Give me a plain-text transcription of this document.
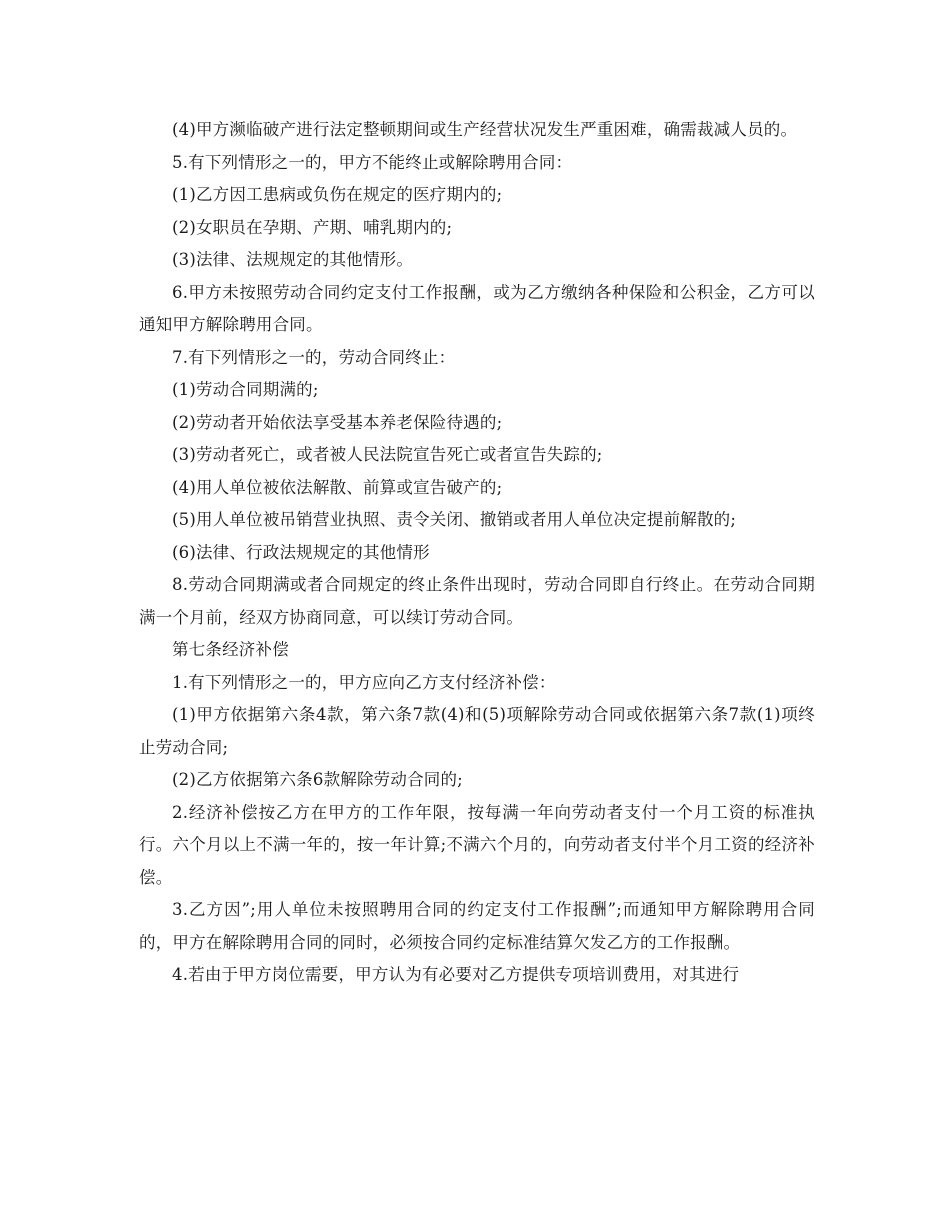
(4)甲方濒临破产进行法定整顿期间或生产经营状况发生严重困难，确需裁减人员的。

5.有下列情形之一的，甲方不能终止或解除聘用合同：

(1)乙方因工患病或负伤在规定的医疗期内的;

(2)女职员在孕期、产期、哺乳期内的;

(3)法律、法规规定的其他情形。

6.甲方未按照劳动合同约定支付工作报酬，或为乙方缴纳各种保险和公积金，乙方可以通知甲方解除聘用合同。

7.有下列情形之一的，劳动合同终止：

(1)劳动合同期满的;

(2)劳动者开始依法享受基本养老保险待遇的;

(3)劳动者死亡，或者被人民法院宣告死亡或者宣告失踪的;

(4)用人单位被依法解散、前算或宣告破产的;

(5)用人单位被吊销营业执照、责令关闭、撤销或者用人单位决定提前解散的;

(6)法律、行政法规规定的其他情形

8.劳动合同期满或者合同规定的终止条件出现时，劳动合同即自行终止。在劳动合同期满一个月前，经双方协商同意，可以续订劳动合同。

第七条经济补偿

1.有下列情形之一的，甲方应向乙方支付经济补偿：

(1)甲方依据第六条4款，第六条7款(4)和(5)项解除劳动合同或依据第六条7款(1)项终止劳动合同;

(2)乙方依据第六条6款解除劳动合同的;

2.经济补偿按乙方在甲方的工作年限，按每满一年向劳动者支付一个月工资的标准执行。六个月以上不满一年的，按一年计算;不满六个月的，向劳动者支付半个月工资的经济补偿。

3.乙方因”;用人单位未按照聘用合同的约定支付工作报酬”;而通知甲方解除聘用合同的，甲方在解除聘用合同的同时，必须按合同约定标准结算欠发乙方的工作报酬。

4.若由于甲方岗位需要，甲方认为有必要对乙方提供专项培训费用，对其进行
